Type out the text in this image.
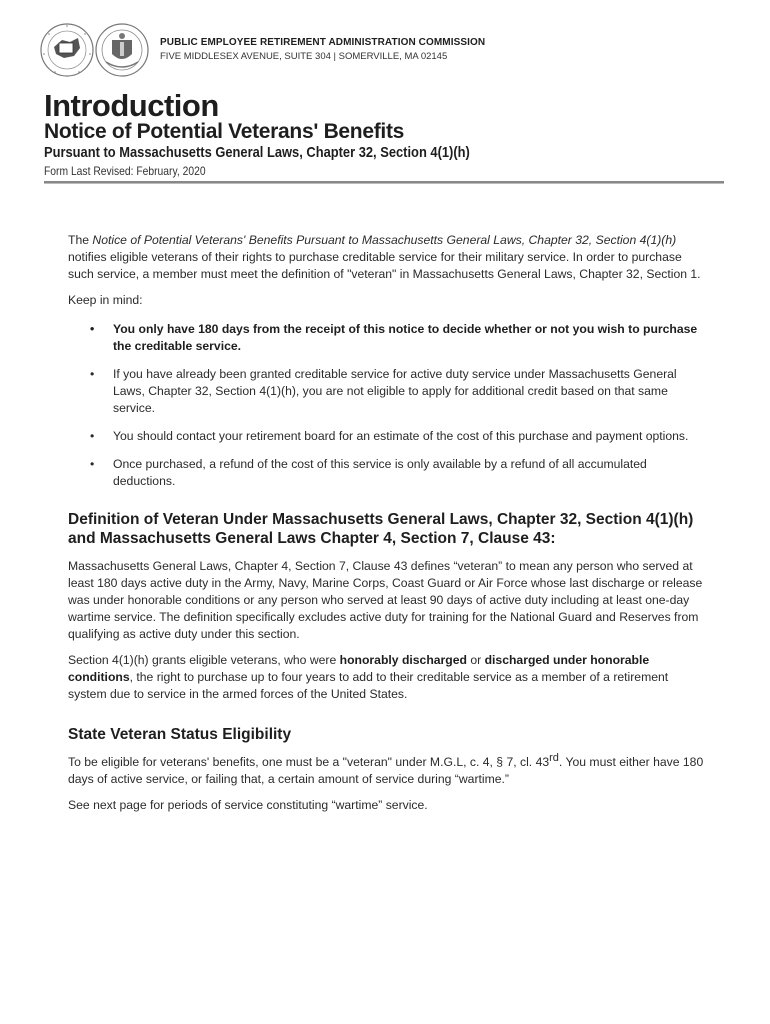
PUBLIC EMPLOYEE RETIREMENT ADMINISTRATION COMMISSION
FIVE MIDDLESEX AVENUE, SUITE 304 | SOMERVILLE, MA 02145
Introduction
Notice of Potential Veterans' Benefits
Pursuant to Massachusetts General Laws, Chapter 32, Section 4(1)(h)
Form Last Revised: February, 2020

The Notice of Potential Veterans' Benefits Pursuant to Massachusetts General Laws, Chapter 32, Section 4(1)(h) notifies eligible veterans of their rights to purchase creditable service for their military service. In order to purchase such service, a member must meet the definition of "veteran" in Massachusetts General Laws, Chapter 32, Section 1.

Keep in mind:

• You only have 180 days from the receipt of this notice to decide whether or not you wish to purchase the creditable service.
• If you have already been granted creditable service for active duty service under Massachusetts General Laws, Chapter 32, Section 4(1)(h), you are not eligible to apply for additional credit based on that same service.
• You should contact your retirement board for an estimate of the cost of this purchase and payment options.
• Once purchased, a refund of the cost of this service is only available by a refund of all accumulated deductions.
Definition of Veteran Under Massachusetts General Laws, Chapter 32, Section 4(1)(h) and Massachusetts General Laws Chapter 4, Section 7, Clause 43:

Massachusetts General Laws, Chapter 4, Section 7, Clause 43 defines “veteran” to mean any person who served at least 180 days active duty in the Army, Navy, Marine Corps, Coast Guard or Air Force whose last discharge or release was under honorable conditions or any person who served at least 90 days of active duty including at least one-day wartime service. The definition specifically excludes active duty for training for the National Guard and Reserves from qualifying as active duty under this section.

Section 4(1)(h) grants eligible veterans, who were honorably discharged or discharged under honorable conditions, the right to purchase up to four years to add to their creditable service as a member of a retirement system due to service in the armed forces of the United States.

State Veteran Status Eligibility

To be eligible for veterans' benefits, one must be a "veteran" under M.G.L, c. 4, § 7, cl. 43rd. You must either have 180 days of active service, or failing that, a certain amount of service during “wartime.”

See next page for periods of service constituting “wartime” service.
